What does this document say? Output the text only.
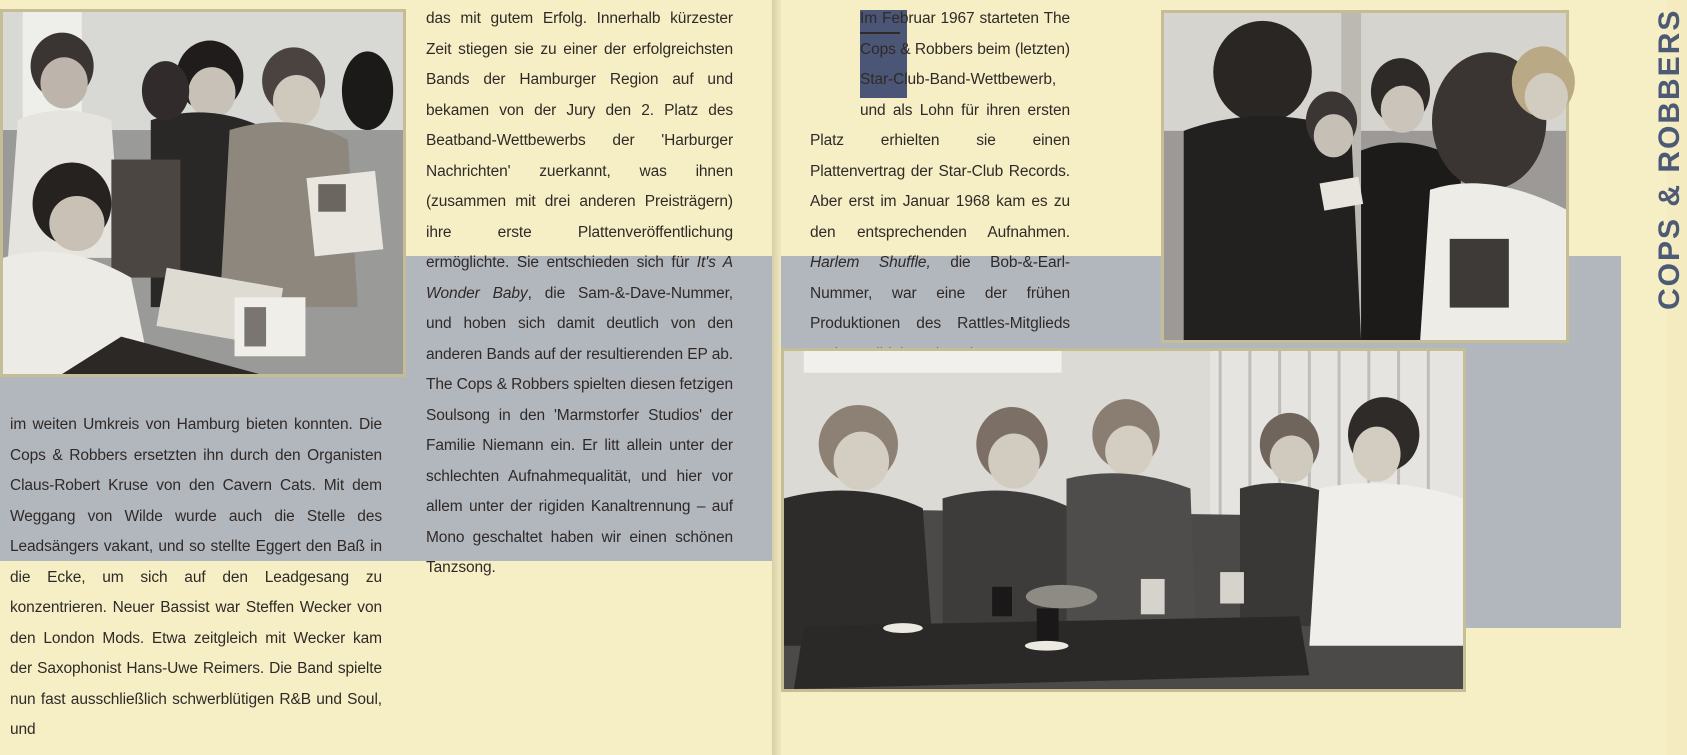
im weiten Umkreis von Hamburg bieten konnten. Die Cops & Robbers ersetzten ihn durch den Organisten Claus-Robert Kruse von den Cavern Cats. Mit dem Weggang von Wilde wurde auch die Stelle des Leadsängers vakant, und so stellte Eggert den Baß in die Ecke, um sich auf den Leadgesang zu konzentrieren. Neuer Bassist war Steffen Wecker von den London Mods. Etwa zeitgleich mit Wecker kam der Saxophonist Hans-Uwe Reimers. Die Band spielte nun fast ausschließlich schwerblütigen R&B und Soul, und

das mit gutem Erfolg. Innerhalb kürzester Zeit stiegen sie zu einer der erfolgreichsten Bands der Hamburger Region auf und bekamen von der Jury den 2. Platz des Beatband-Wettbewerbs der 'Harburger Nachrichten' zuerkannt, was ihnen (zusammen mit drei anderen Preisträgern) ihre erste Plattenveröffentlichung ermöglichte. Sie entschieden sich für It's A Wonder Baby, die Sam-&-Dave-Nummer, und hoben sich damit deutlich von den anderen Bands auf der resultierenden EP ab. The Cops & Robbers spielten diesen fetzigen Soulsong in den 'Marmstorfer Studios' der Familie Niemann ein. Er litt allein unter der schlechten Aufnahmequalität, und hier vor allem unter der rigiden Kanaltrennung – auf Mono geschaltet haben wir einen schönen Tanzsong.

Im Februar 1967 starteten The Cops & Robbers beim (letzten) Star-Club-Band-Wettbewerb, und als Lohn für ihren ersten Platz erhielten sie einen Plattenvertrag der Star-Club Records. Aber erst im Januar 1968 kam es zu den entsprechenden Aufnahmen. Harlem Shuffle, die Bob-&-Earl-Nummer, war eine der frühen Produktionen des Rattles-Mitglieds

COPS & ROBBERS
